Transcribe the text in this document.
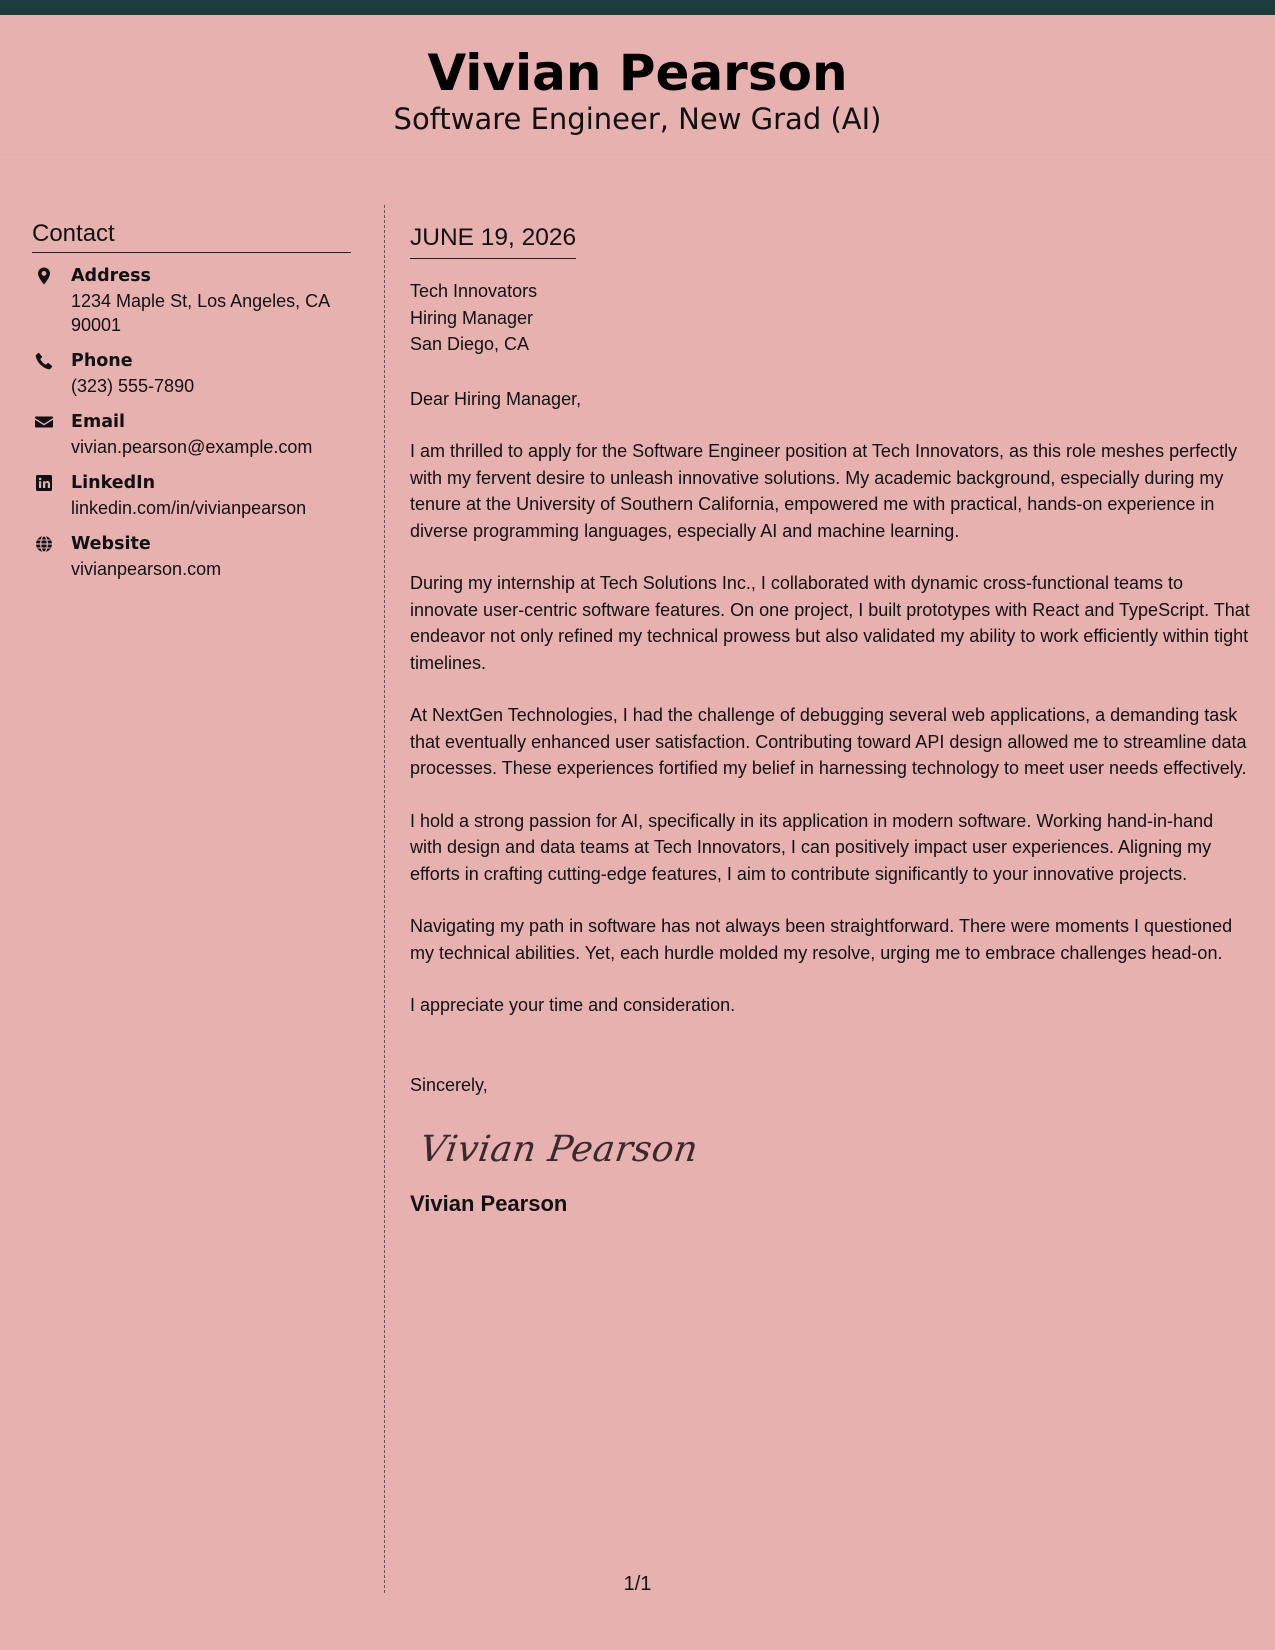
Vivian Pearson
Software Engineer, New Grad (AI)
Contact
Address
1234 Maple St, Los Angeles, CA 90001
Phone
(323) 555-7890
Email
vivian.pearson@example.com
LinkedIn
linkedin.com/in/vivianpearson
Website
vivianpearson.com
JUNE 19, 2026
Tech Innovators
Hiring Manager
San Diego, CA
Dear Hiring Manager,
I am thrilled to apply for the Software Engineer position at Tech Innovators, as this role meshes perfectly with my fervent desire to unleash innovative solutions. My academic background, especially during my tenure at the University of Southern California, empowered me with practical, hands-on experience in diverse programming languages, especially AI and machine learning.
During my internship at Tech Solutions Inc., I collaborated with dynamic cross-functional teams to innovate user-centric software features. On one project, I built prototypes with React and TypeScript. That endeavor not only refined my technical prowess but also validated my ability to work efficiently within tight timelines.
At NextGen Technologies, I had the challenge of debugging several web applications, a demanding task that eventually enhanced user satisfaction. Contributing toward API design allowed me to streamline data processes. These experiences fortified my belief in harnessing technology to meet user needs effectively.
I hold a strong passion for AI, specifically in its application in modern software. Working hand-in-hand with design and data teams at Tech Innovators, I can positively impact user experiences. Aligning my efforts in crafting cutting-edge features, I aim to contribute significantly to your innovative projects.
Navigating my path in software has not always been straightforward. There were moments I questioned my technical abilities. Yet, each hurdle molded my resolve, urging me to embrace challenges head-on.
I appreciate your time and consideration.
Sincerely,
Vivian Pearson
Vivian Pearson
1/1
